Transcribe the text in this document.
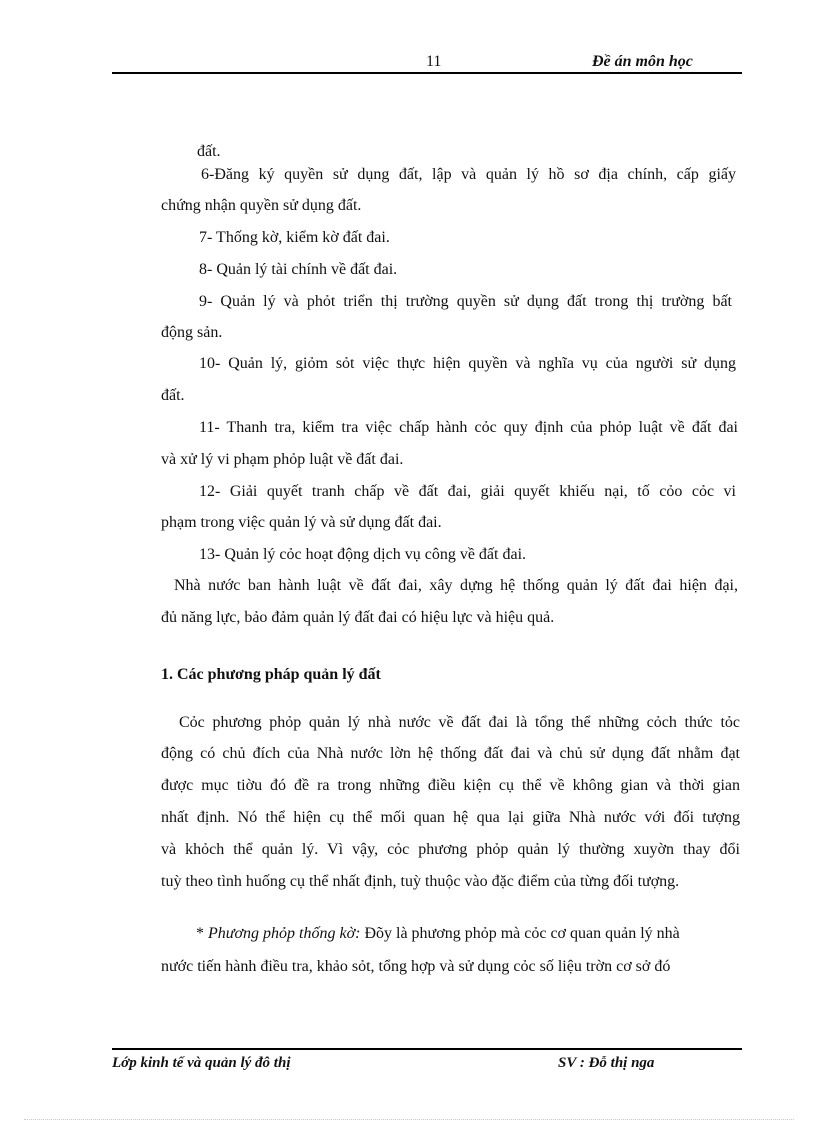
11	Đề án môn học
đất.
6-Đăng ký quyền sử dụng đất, lập và quản lý hồ sơ địa chính, cấp giấy
chứng nhận quyền sử dụng đất.
7- Thống kờ, kiểm kờ đất đai.
8- Quản lý tài chính về đất đai.
9- Quản lý và phỏt triển thị trường quyền sử dụng đất trong thị trường bất
động sản.
10- Quản lý, giỏm sỏt việc thực hiện quyền và nghĩa vụ của người sử dụng
đất.
11- Thanh tra, kiểm tra việc chấp hành cỏc quy định của phỏp luật về đất đai
và xử lý vi phạm phỏp luật về đất đai.
12- Giải quyết tranh chấp về đất đai, giải quyết khiếu nại, tố cỏo cỏc vi
phạm trong việc quản lý và sử dụng đất đai.
13- Quản lý cỏc hoạt động dịch vụ công về đất đai.
Nhà nước ban hành luật về đất đai, xây dựng hệ thống quản lý đất đai hiện đại,
đủ năng lực, bảo đảm quản lý đất đai có hiệu lực và hiệu quả.
1. Các phương pháp quản lý đất
Cỏc phương phỏp quản lý nhà nước về đất đai là tổng thể những cỏch thức tỏc
động có chủ đích của Nhà nước lờn hệ thống đất đai và chủ sử dụng đất nhằm đạt
được mục tiờu đó đề ra trong những điều kiện cụ thể về không gian và thời gian
nhất định. Nó thể hiện cụ thể mối quan hệ qua lại giữa Nhà nước với đối tượng
và khỏch thể quản lý. Vì vậy, cỏc phương phỏp quản lý thường xuyờn thay đổi
tuỳ theo tình huống cụ thể nhất định, tuỳ thuộc vào đặc điểm của từng đối tượng.
* Phương phỏp thống kờ: Đõy là phương phỏp mà cỏc cơ quan quản lý nhà
nước tiến hành điều tra, khảo sỏt, tổng hợp và sử dụng cỏc số liệu trờn cơ sở đó
Lớp kinh tế và quản lý đô thị	SV : Đỗ thị nga
